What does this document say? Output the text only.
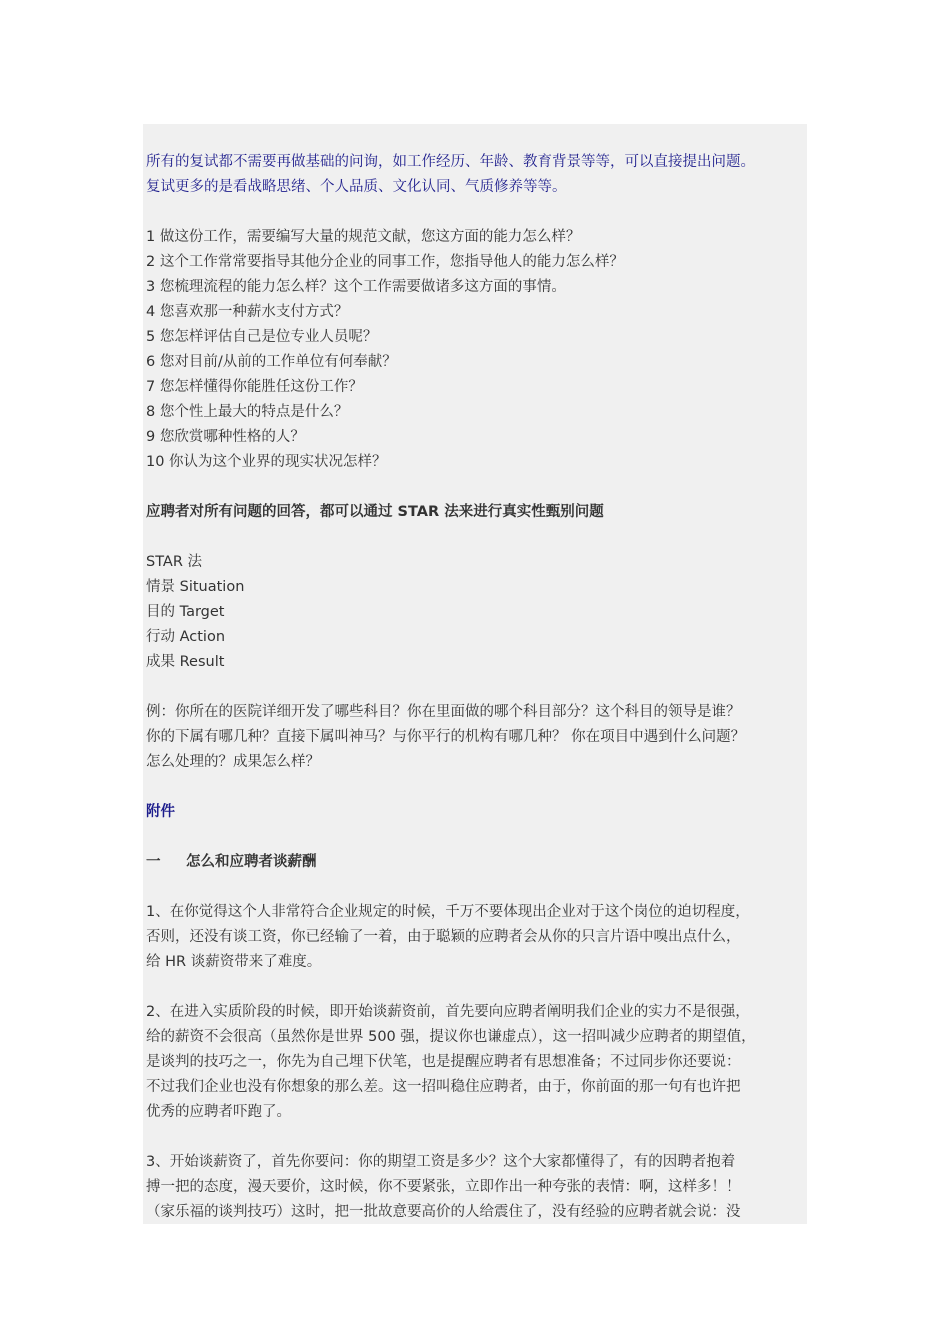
所有的复试都不需要再做基础的问询，如工作经历、年龄、教育背景等等，可以直接提出问题。
复试更多的是看战略思绪、个人品质、文化认同、气质修养等等。
1 做这份工作，需要编写大量的规范文献，您这方面的能力怎么样？
2 这个工作常常要指导其他分企业的同事工作，您指导他人的能力怎么样？
3 您梳理流程的能力怎么样？这个工作需要做诸多这方面的事情。
4 您喜欢那一种薪水支付方式？
5 您怎样评估自己是位专业人员呢？
6 您对目前/从前的工作单位有何奉献？
7 您怎样懂得你能胜任这份工作？
8 您个性上最大的特点是什么？
9 您欣赏哪种性格的人？
10 你认为这个业界的现实状况怎样？
应聘者对所有问题的回答，都可以通过 STAR 法来进行真实性甄别问题
STAR 法
情景 Situation
目的 Target
行动 Action
成果 Result
例：你所在的医院详细开发了哪些科目？你在里面做的哪个科目部分？这个科目的领导是谁？
你的下属有哪几种？直接下属叫神马？与你平行的机构有哪几种？ 你在项目中遇到什么问题？
怎么处理的？成果怎么样？
附件
一 怎么和应聘者谈薪酬
1、在你觉得这个人非常符合企业规定的时候，千万不要体现出企业对于这个岗位的迫切程度，
否则，还没有谈工资，你已经输了一着，由于聪颖的应聘者会从你的只言片语中嗅出点什么，
给 HR 谈薪资带来了难度。
2、在进入实质阶段的时候，即开始谈薪资前，首先要向应聘者阐明我们企业的实力不是很强，
给的薪资不会很高（虽然你是世界 500 强，提议你也谦虚点），这一招叫减少应聘者的期望值，
是谈判的技巧之一，你先为自己埋下伏笔，也是提醒应聘者有思想准备；不过同步你还要说：
不过我们企业也没有你想象的那么差。这一招叫稳住应聘者，由于，你前面的那一句有也许把
优秀的应聘者吓跑了。
3、开始谈薪资了，首先你要问：你的期望工资是多少？这个大家都懂得了，有的因聘者抱着
搏一把的态度，漫天要价，这时候，你不要紧张，立即作出一种夸张的表情：啊，这样多！！
（家乐福的谈判技巧）这时，把一批故意要高价的人给震住了，没有经验的应聘者就会说：没
